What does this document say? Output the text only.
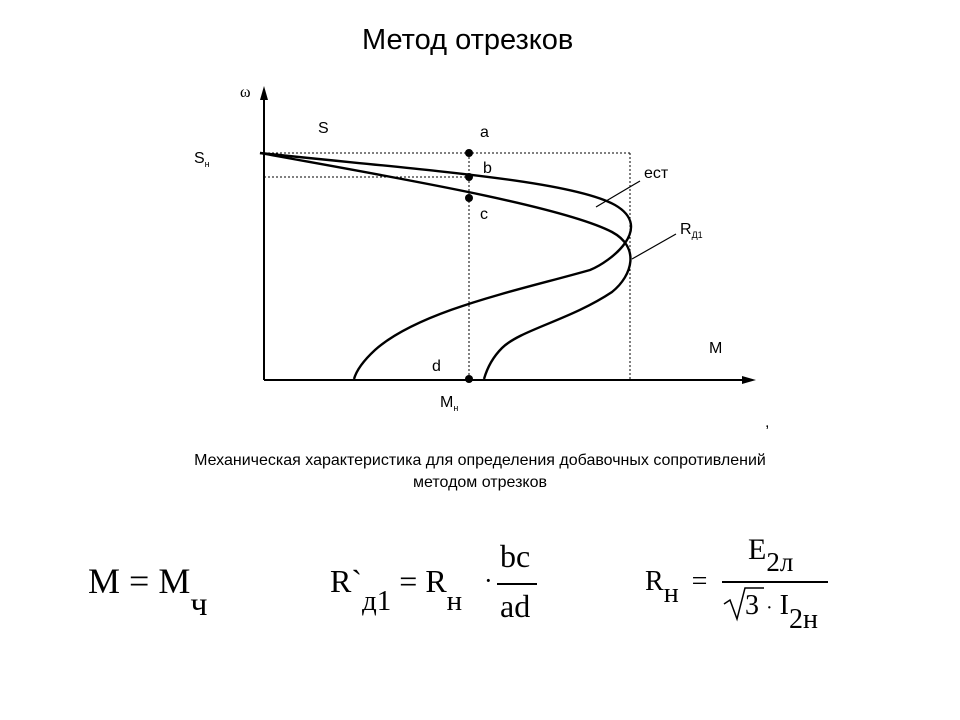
Метод отрезков
ω
S
$S_н$
a
b
c
d
ест
$R_{Д1}$
M
$M_н$
,
Механическая характеристика для определения добавочных сопротивлений
методом отрезков
M = Mч
R`д1 = Rн
·
bc
ad
Rн =
E2л
3 · I2н
